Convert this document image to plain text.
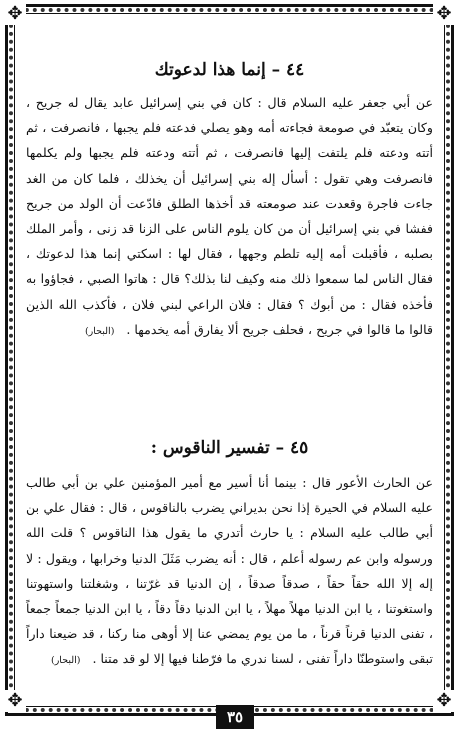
✥	✥
✥	✥
٤٤ – إنما هذا لدعوتك

عن أبي جعفر عليه السلام قال : كان في بني إسرائيل عابد يقال له جريح ، وكان يتعبّد في صومعة فجاءته أمه وهو يصلي فدعته فلم يجبها ، فانصرفت ، ثم أتته ودعته فلم يلتفت إليها فانصرفت ، ثم أتته ودعته فلم يجبها ولم يكلمها فانصرفت وهي تقول : أسأل إله بني إسرائيل أن يخذلك ، فلما كان من الغد جاءت فاجرة وقعدت عند صومعته قد أخذها الطلق فادّعت أن الولد من جريح ففشا في بني إسرائيل أن من كان يلوم الناس على الزنا قد زنى ، وأمر الملك بصلبه ، فأقبلت أمه إليه تلطم وجهها ، فقال لها : اسكتي إنما هذا لدعوتك ، فقال الناس لما سمعوا ذلك منه وكيف لنا بذلك؟ قال : هاتوا الصبي ، فجاؤوا به فأخذه فقال : من أبوك ؟ فقال : فلان الراعي لبني فلان ، فأكذب الله الذين قالوا ما قالوا في جريح ، فحلف جريح ألا يفارق أمه يخدمها . (البحار)

٤٥ – تفسير الناقوس :

عن الحارث الأعور قال : بينما أنا أسير مع أمير المؤمنين علي بن أبي طالب عليه السلام في الحيرة إذا نحن بديراني يضرب بالناقوس ، قال : فقال علي بن أبي طالب عليه السلام : يا حارث أتدري ما يقول هذا الناقوس ؟ قلت الله ورسوله وابن عم رسوله أعلم ، قال : أنه يضرب مَثَلَ الدنيا وخرابها ، ويقول : لا إله إلا الله حقاً حقاً ، صدقاً صدقاً ، إن الدنيا قد غرّتنا ، وشغلتنا واستهوتنا واستغوتنا ، يا ابن الدنيا مهلاً مهلاً ، يا ابن الدنيا دقاً دقاً ، يا ابن الدنيا جمعاً جمعاً ، تفنى الدنيا قرناً قرناً ، ما من يوم يمضي عنا إلا أوهى منا ركنا ، قد ضيعنا داراً تبقى واستوطنّا داراً تفنى ، لسنا ندري ما فرّطنا فيها إلا لو قد متنا . (البحار)

٣٥
